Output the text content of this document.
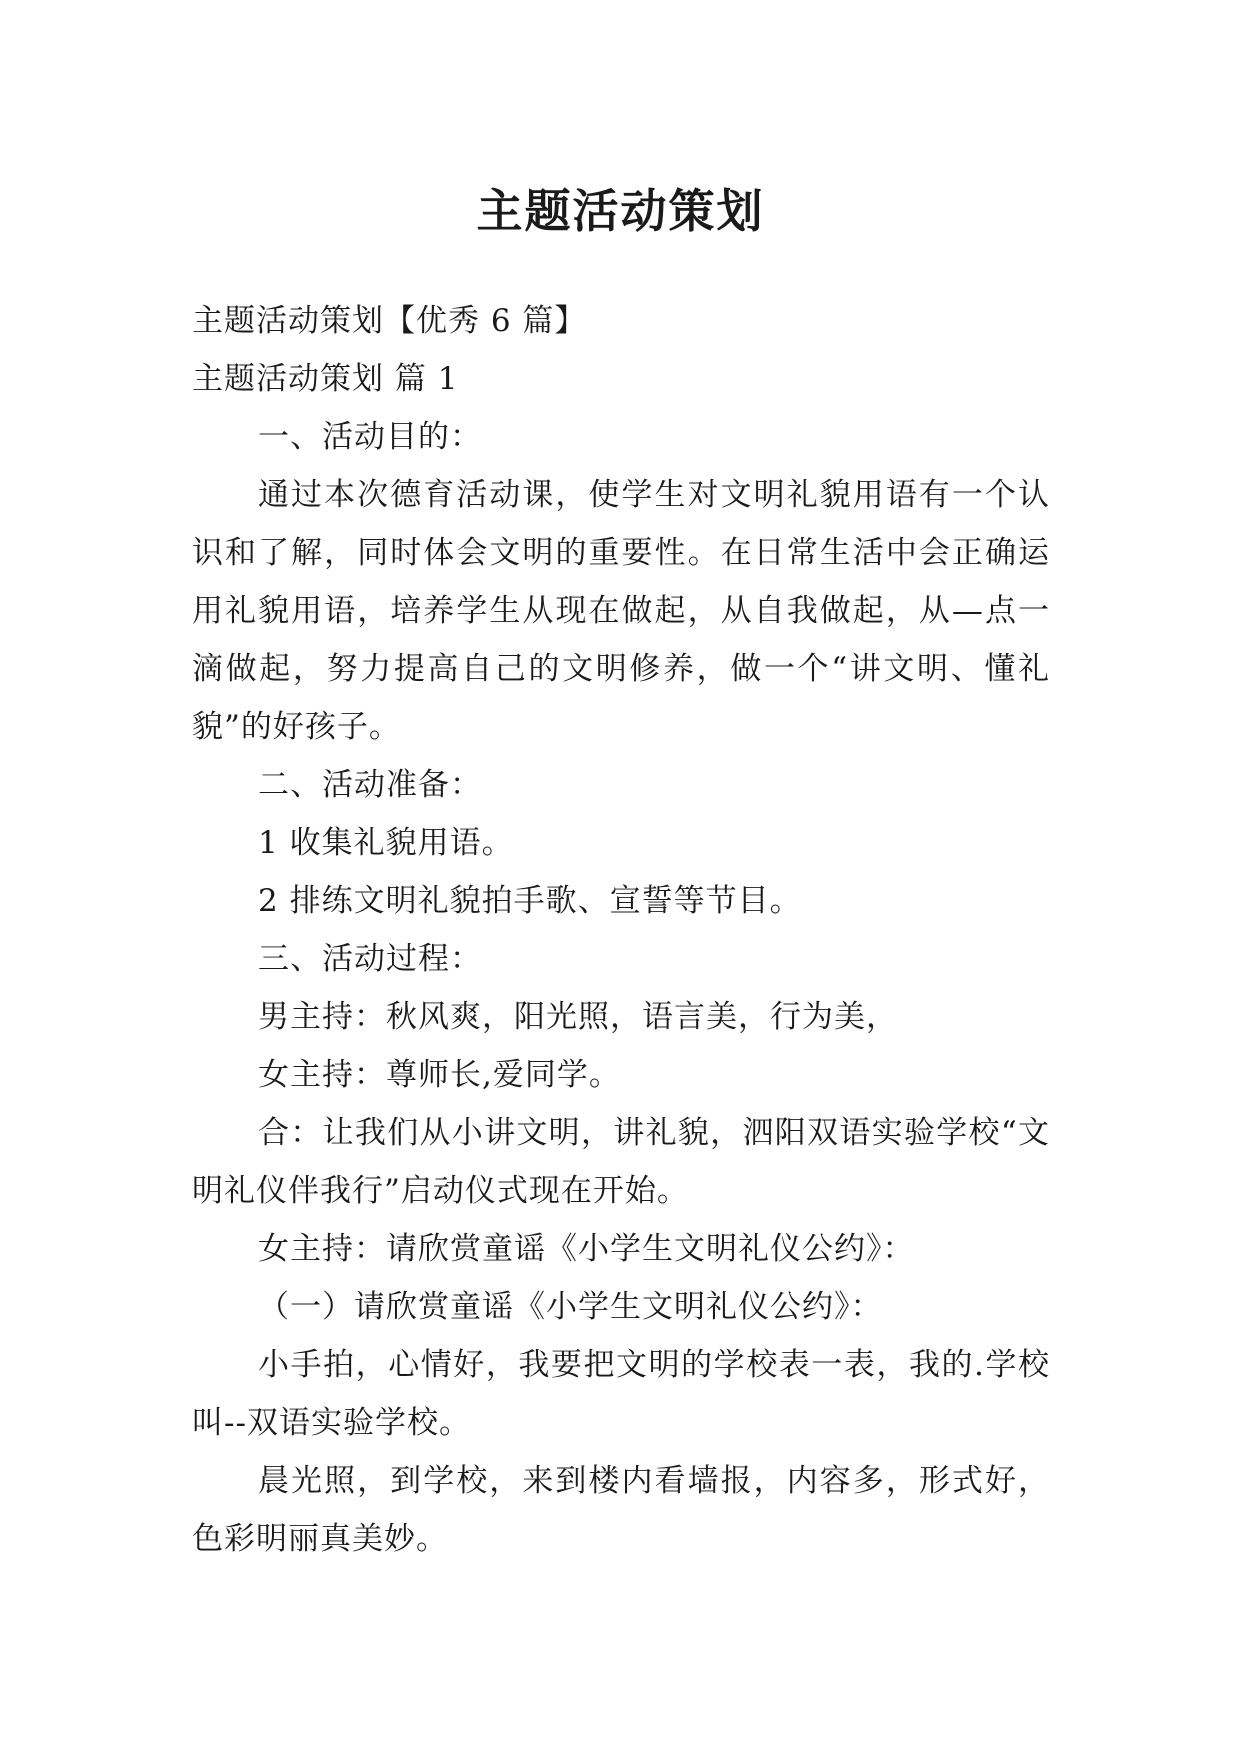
主题活动策划

主题活动策划【优秀 6 篇】

主题活动策划 篇 1

一、活动目的：

通过本次德育活动课，使学生对文明礼貌用语有一个认识和了解，同时体会文明的重要性。在日常生活中会正确运用礼貌用语，培养学生从现在做起，从自我做起，从—点一滴做起，努力提高自己的文明修养，做一个“讲文明、懂礼貌”的好孩子。

二、活动准备：

1 收集礼貌用语。

2 排练文明礼貌拍手歌、宣誓等节目。

三、活动过程：

男主持：秋风爽，阳光照，语言美，行为美，

女主持：尊师长,爱同学。

合：让我们从小讲文明，讲礼貌，泗阳双语实验学校“文明礼仪伴我行”启动仪式现在开始。

女主持：请欣赏童谣《小学生文明礼仪公约》：

（一）请欣赏童谣《小学生文明礼仪公约》：

小手拍，心情好，我要把文明的学校表一表，我的.学校叫--双语实验学校。

晨光照，到学校，来到楼内看墙报，内容多，形式好，色彩明丽真美妙。
